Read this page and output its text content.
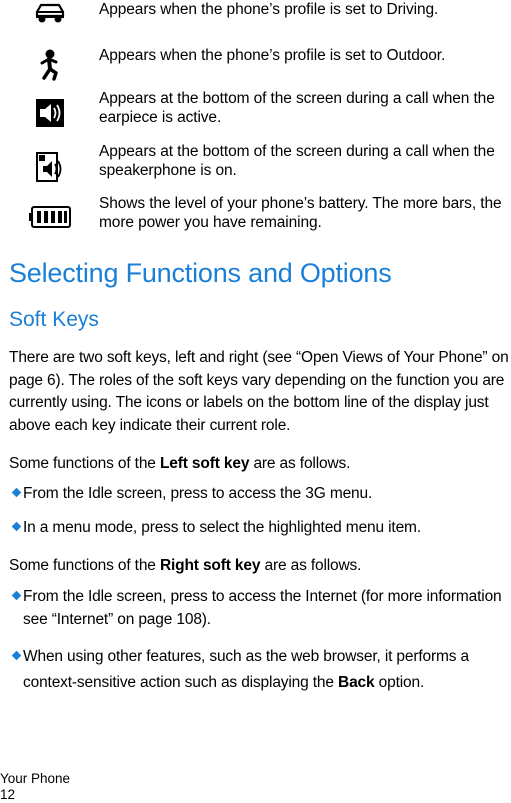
Appears when the phone’s profile is set to Driving.
Appears when the phone’s profile is set to Outdoor.
Appears at the bottom of the screen during a call when the earpiece is active.
Appears at the bottom of the screen during a call when the speakerphone is on.
Shows the level of your phone’s battery. The more bars, the more power you have remaining.
Selecting Functions and Options
Soft Keys

There are two soft keys, left and right (see “Open Views of Your Phone” on page 6). The roles of the soft keys vary depending on the function you are currently using. The icons or labels on the bottom line of the display just above each key indicate their current role.

Some functions of the Left soft key are as follows.

From the Idle screen, press to access the 3G menu.

In a menu mode, press to select the highlighted menu item.

Some functions of the Right soft key are as follows.

From the Idle screen, press to access the Internet (for more information see “Internet” on page 108).

When using other features, such as the web browser, it performs a context-sensitive action such as displaying the Back option.

Your Phone
12
